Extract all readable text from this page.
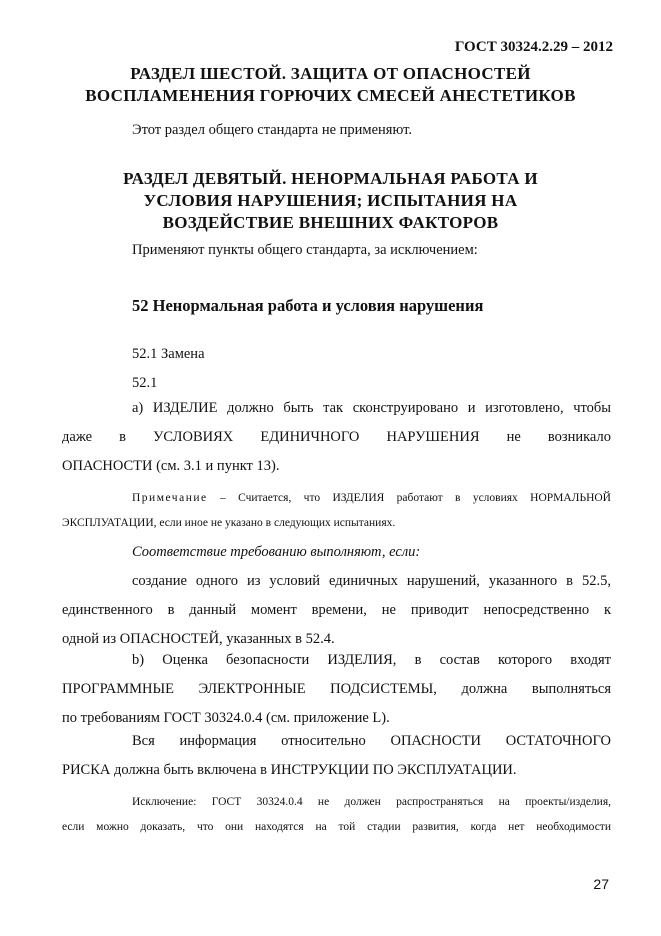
ГОСТ 30324.2.29 – 2012
РАЗДЕЛ ШЕСТОЙ. ЗАЩИТА ОТ ОПАСНОСТЕЙ
ВОСПЛАМЕНЕНИЯ ГОРЮЧИХ СМЕСЕЙ АНЕСТЕТИКОВ
Этот раздел общего стандарта не применяют.
РАЗДЕЛ ДЕВЯТЫЙ. НЕНОРМАЛЬНАЯ РАБОТА И
УСЛОВИЯ НАРУШЕНИЯ; ИСПЫТАНИЯ НА
ВОЗДЕЙСТВИЕ ВНЕШНИХ ФАКТОРОВ
Применяют пункты общего стандарта, за исключением:
52 Ненормальная работа и условия нарушения
52.1 Замена
52.1
а) ИЗДЕЛИЕ должно быть так сконструировано и изготовлено, чтобы
даже в УСЛОВИЯХ ЕДИНИЧНОГО НАРУШЕНИЯ не возникало
ОПАСНОСТИ (см. 3.1 и пункт 13).
Примечание – Считается, что ИЗДЕЛИЯ работают в условиях НОРМАЛЬНОЙ
ЭКСПЛУАТАЦИИ, если иное не указано в следующих испытаниях.
Соответствие требованию выполняют, если:
создание одного из условий единичных нарушений, указанного в 52.5,
единственного в данный момент времени, не приводит непосредственно к
одной из ОПАСНОСТЕЙ, указанных в 52.4.
b) Оценка безопасности ИЗДЕЛИЯ, в состав которого входят
ПРОГРАММНЫЕ ЭЛЕКТРОННЫЕ ПОДСИСТЕМЫ, должна выполняться
по требованиям ГОСТ 30324.0.4 (см. приложение L).
Вся информация относительно ОПАСНОСТИ ОСТАТОЧНОГО
РИСКА должна быть включена в ИНСТРУКЦИИ ПО ЭКСПЛУАТАЦИИ.
Исключение: ГОСТ 30324.0.4 не должен распространяться на проекты/изделия,
если можно доказать, что они находятся на той стадии развития, когда нет необходимости
27
